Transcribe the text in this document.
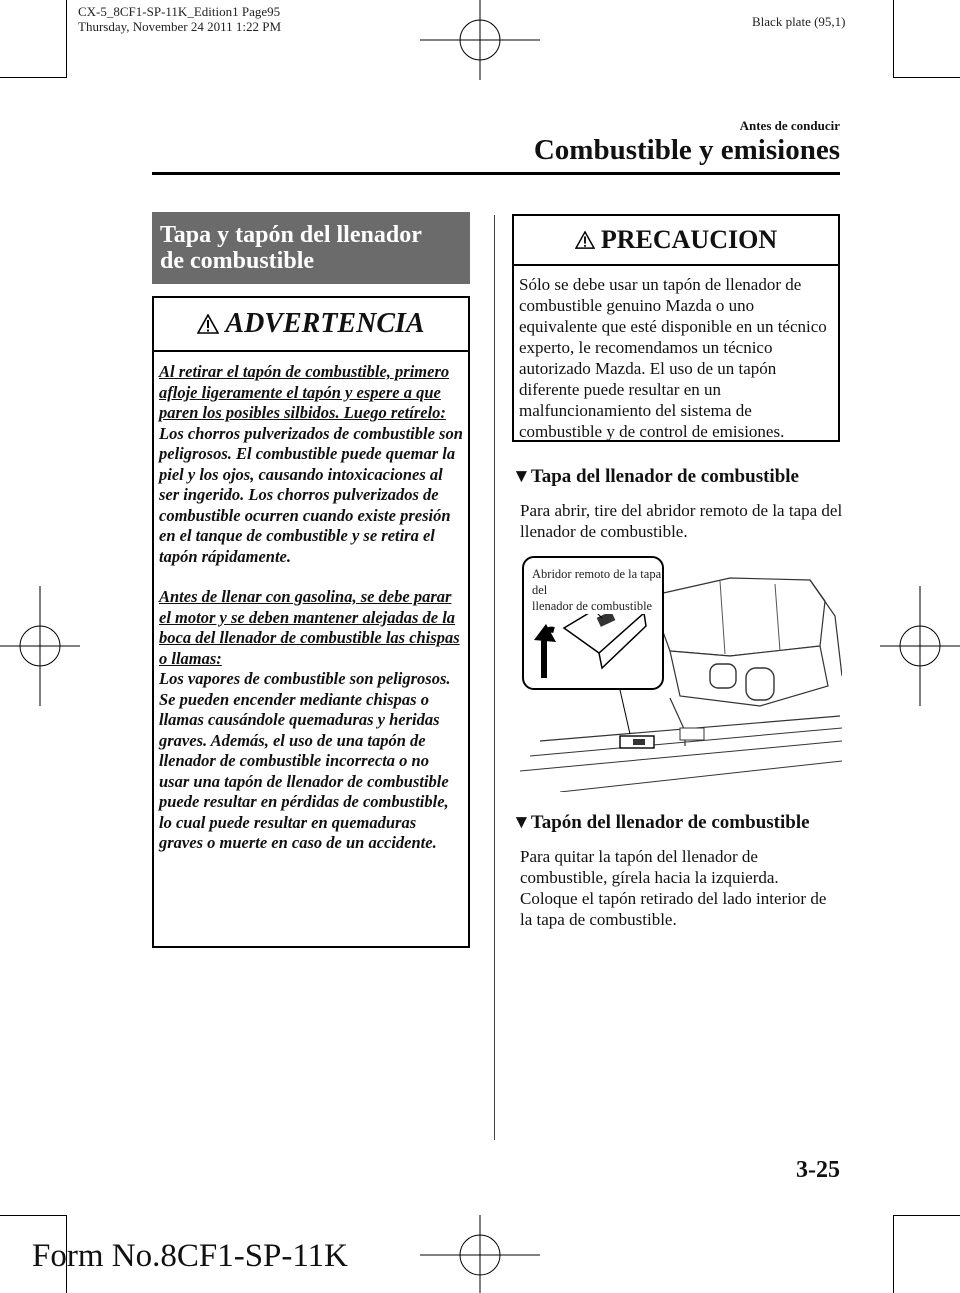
CX-5_8CF1-SP-11K_Edition1 Page95
Thursday, November 24 2011 1:22 PM	Black plate (95,1)
Antes de conducir
Combustible y emisiones
Tapa y tapón del llenador
de combustible
ADVERTENCIA

Al retirar el tapón de combustible, primero afloje ligeramente el tapón y espere a que paren los posibles silbidos. Luego retírelo:

Los chorros pulverizados de combustible son peligrosos. El combustible puede quemar la piel y los ojos, causando intoxicaciones al ser ingerido. Los chorros pulverizados de combustible ocurren cuando existe presión en el tanque de combustible y se retira el tapón rápidamente.

Antes de llenar con gasolina, se debe parar el motor y se deben mantener alejadas de la boca del llenador de combustible las chispas o llamas:

Los vapores de combustible son peligrosos. Se pueden encender mediante chispas o llamas causándole quemaduras y heridas graves. Además, el uso de una tapón de llenador de combustible incorrecta o no usar una tapón de llenador de combustible puede resultar en pérdidas de combustible, lo cual puede resultar en quemaduras graves o muerte en caso de un accidente.

PRECAUCION
Sólo se debe usar un tapón de llenador de combustible genuino Mazda o uno equivalente que esté disponible en un técnico experto, le recomendamos un técnico autorizado Mazda. El uso de un tapón diferente puede resultar en un malfuncionamiento del sistema de combustible y de control de emisiones.
▼Tapa del llenador de combustible
Para abrir, tire del abridor remoto de la tapa del llenador de combustible.
Abridor remoto de la tapa del
llenador de combustible
▼Tapón del llenador de combustible
Para quitar la tapón del llenador de combustible, gírela hacia la izquierda. Coloque el tapón retirado del lado interior de la tapa de combustible.
3-25
Form No.8CF1-SP-11K
